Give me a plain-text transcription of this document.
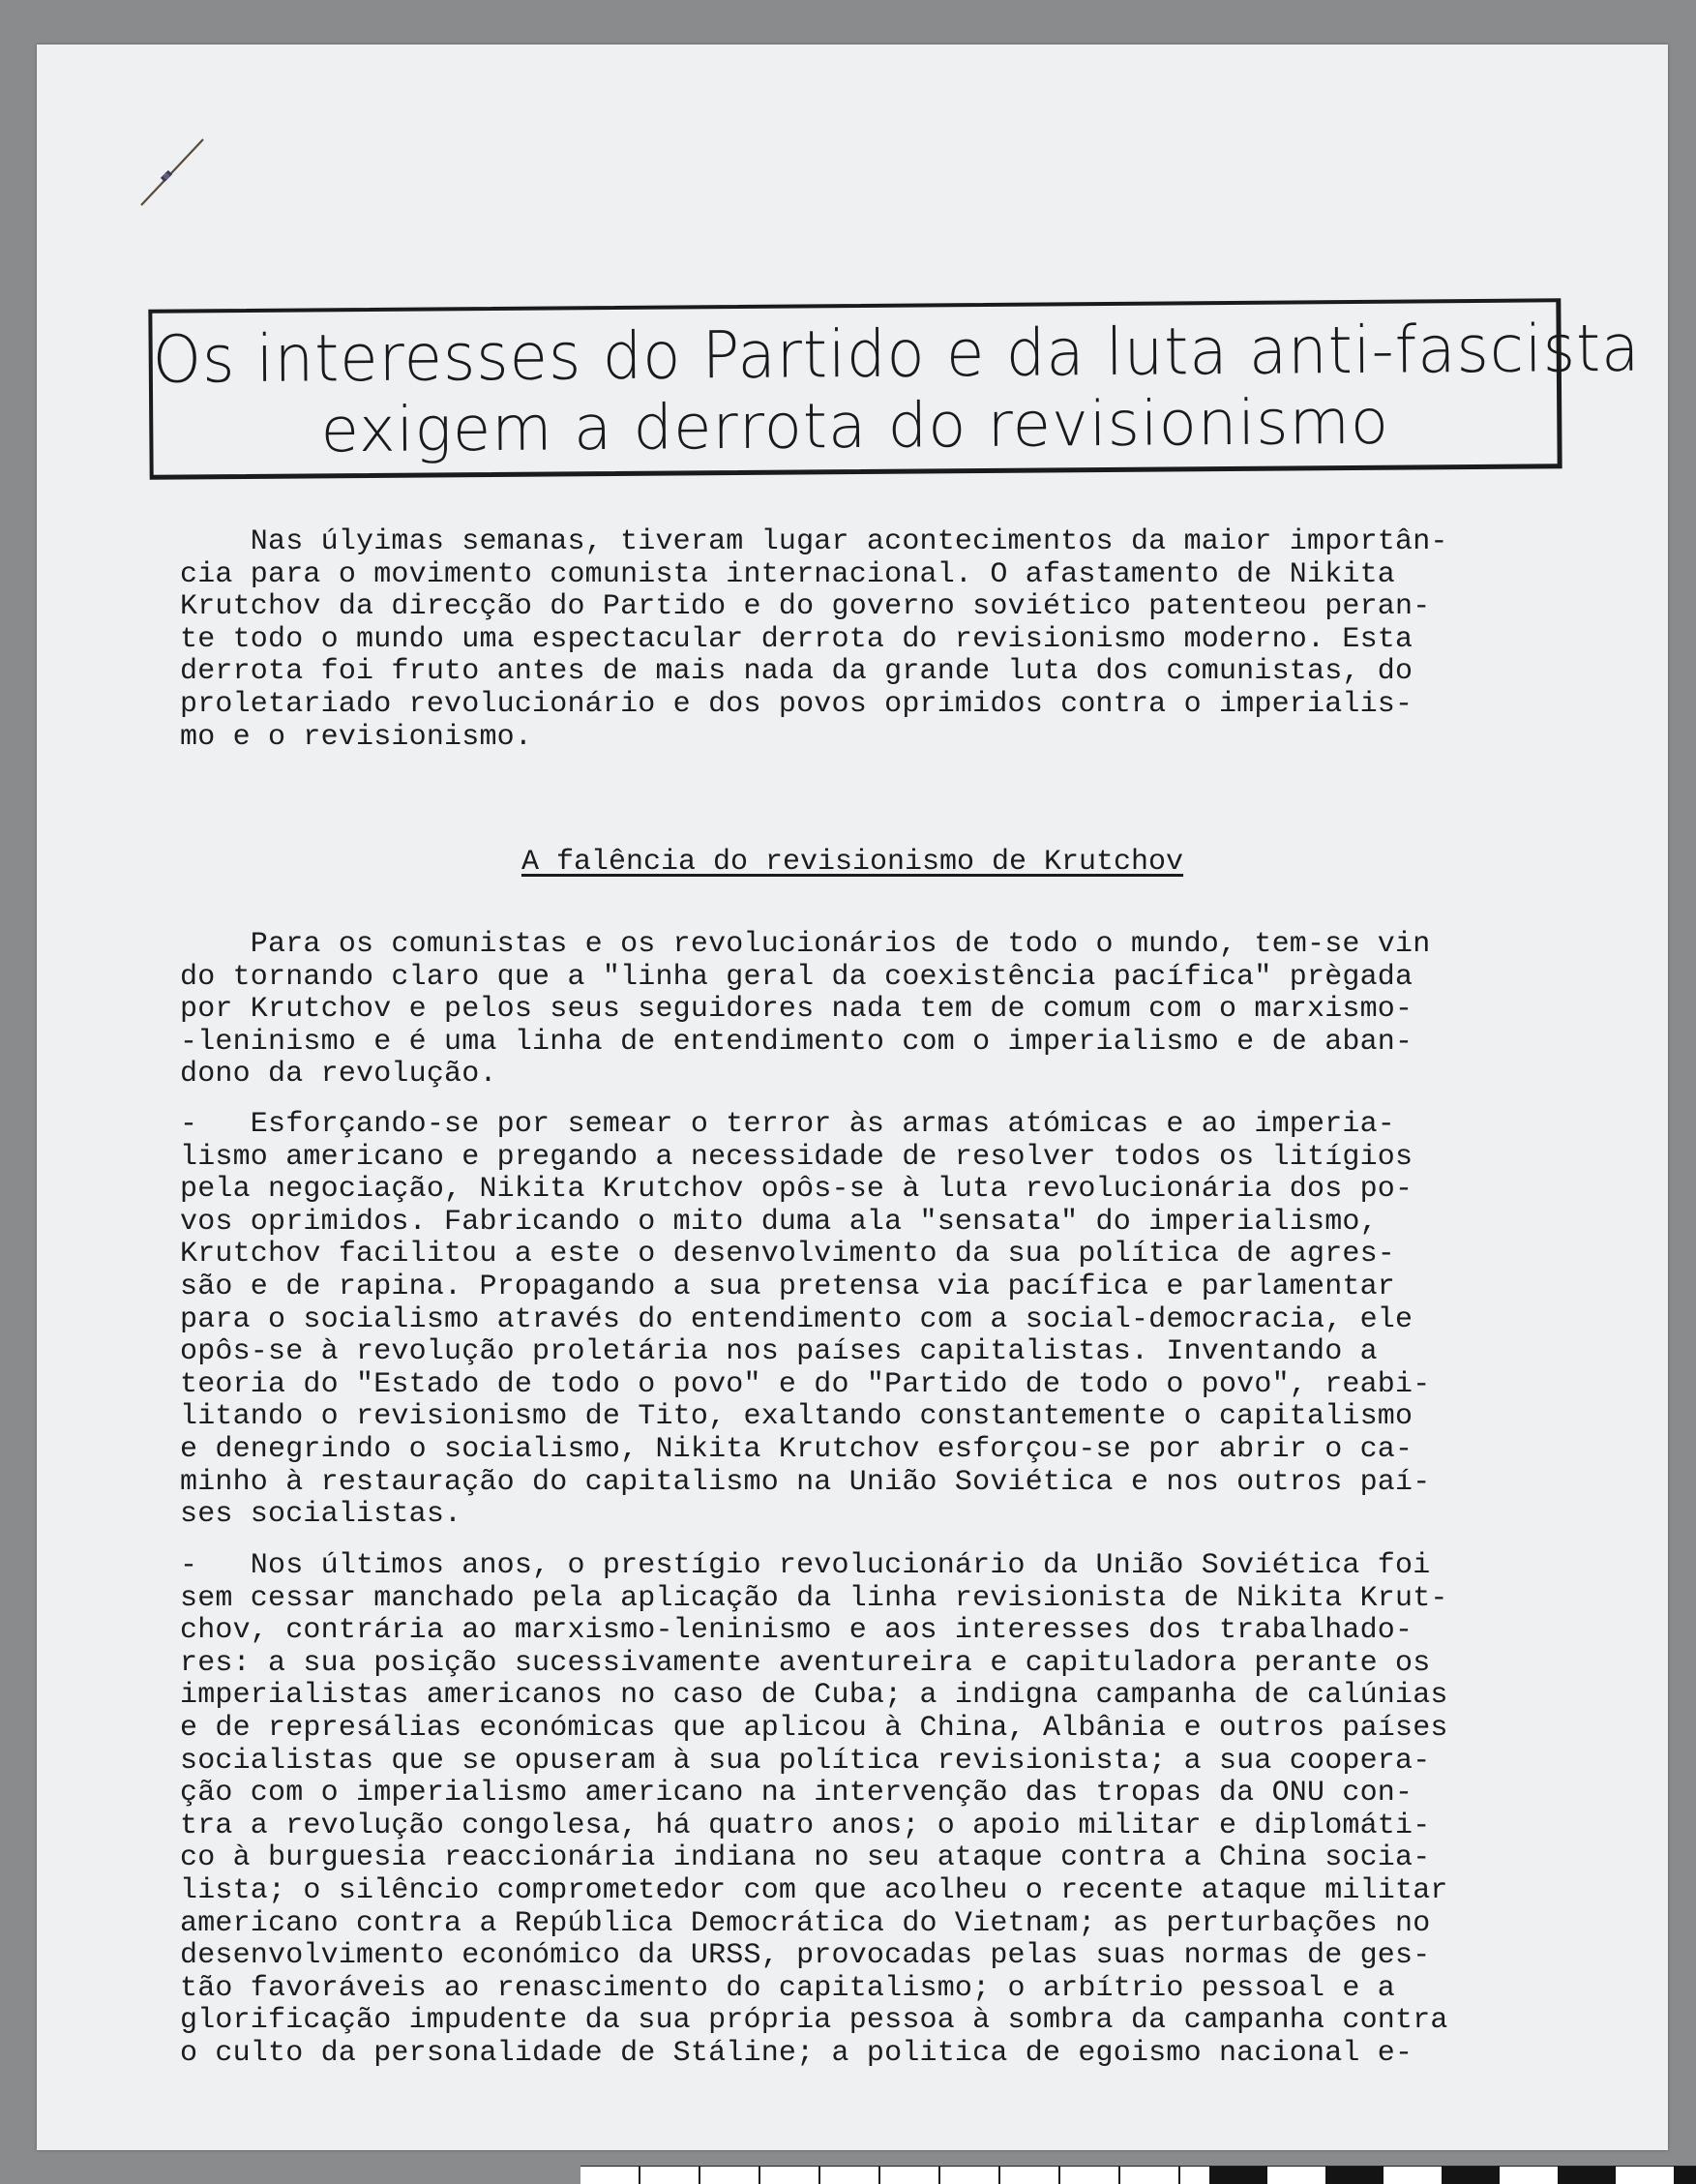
Os interesses do Partido e da luta anti-fascista
exigem a derrota do revisionismo
Nas úlyimas semanas, tiveram lugar acontecimentos da maior importân-
cia para o movimento comunista internacional. O afastamento de Nikita
Krutchov da direcção do Partido e do governo soviético patenteou peran-
te todo o mundo uma espectacular derrota do revisionismo moderno. Esta
derrota foi fruto antes de mais nada da grande luta dos comunistas, do
proletariado revolucionário e dos povos oprimidos contra o imperialis-
mo e o revisionismo.
A falência do revisionismo de Krutchov
Para os comunistas e os revolucionários de todo o mundo, tem-se vin
do tornando claro que a "linha geral da coexistência pacífica" prègada
por Krutchov e pelos seus seguidores nada tem de comum com o marxismo-
-leninismo e é uma linha de entendimento com o imperialismo e de aban-
dono da revolução.
-   Esforçando-se por semear o terror às armas atómicas e ao imperia-
lismo americano e pregando a necessidade de resolver todos os litígios
pela negociação, Nikita Krutchov opôs-se à luta revolucionária dos po-
vos oprimidos. Fabricando o mito duma ala "sensata" do imperialismo,
Krutchov facilitou a este o desenvolvimento da sua política de agres-
são e de rapina. Propagando a sua pretensa via pacífica e parlamentar
para o socialismo através do entendimento com a social-democracia, ele
opôs-se à revolução proletária nos países capitalistas. Inventando a
teoria do "Estado de todo o povo" e do "Partido de todo o povo", reabi-
litando o revisionismo de Tito, exaltando constantemente o capitalismo
e denegrindo o socialismo, Nikita Krutchov esforçou-se por abrir o ca-
minho à restauração do capitalismo na União Soviética e nos outros paí-
ses socialistas.
-   Nos últimos anos, o prestígio revolucionário da União Soviética foi
sem cessar manchado pela aplicação da linha revisionista de Nikita Krut-
chov, contrária ao marxismo-leninismo e aos interesses dos trabalhado-
res: a sua posição sucessivamente aventureira e capituladora perante os
imperialistas americanos no caso de Cuba; a indigna campanha de calúnias
e de represálias económicas que aplicou à China, Albânia e outros países
socialistas que se opuseram à sua política revisionista; a sua coopera-
ção com o imperialismo americano na intervenção das tropas da ONU con-
tra a revolução congolesa, há quatro anos; o apoio militar e diplomáti-
co à burguesia reaccionária indiana no seu ataque contra a China socia-
lista; o silêncio comprometedor com que acolheu o recente ataque militar
americano contra a República Democrática do Vietnam; as perturbações no
desenvolvimento económico da URSS, provocadas pelas suas normas de ges-
tão favoráveis ao renascimento do capitalismo; o arbítrio pessoal e a
glorificação impudente da sua própria pessoa à sombra da campanha contra
o culto da personalidade de Stáline; a politica de egoismo nacional e-
